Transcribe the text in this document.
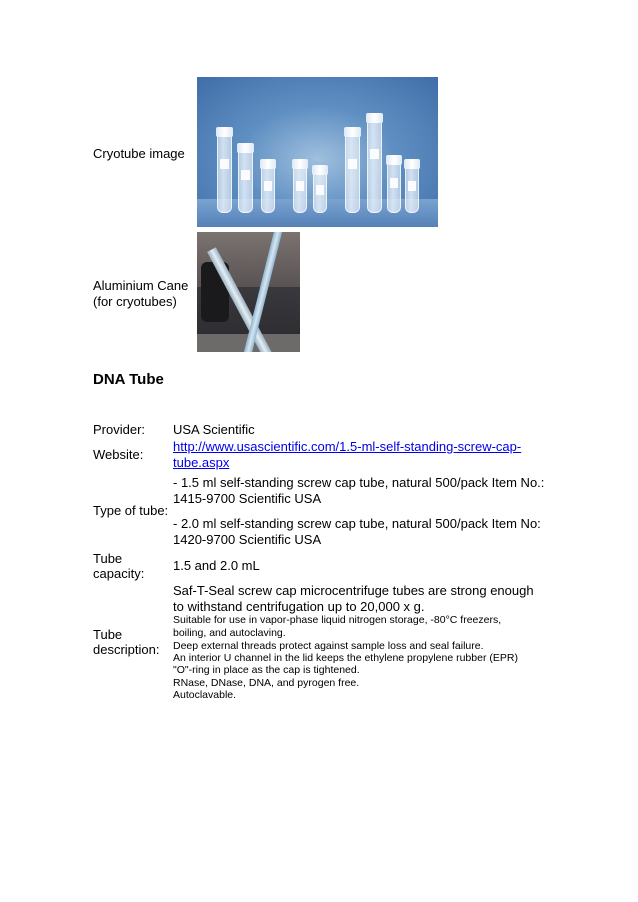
Cryotube image
Aluminium Cane
(for cryotubes)
DNA Tube
Provider: USA Scientific
Website:
http://www.usascientific.com/1.5-ml-self-standing-screw-cap-
tube.aspx
- 1.5 ml self-standing screw cap tube, natural 500/pack Item No.:
1415-9700 Scientific USA
Type of tube:
- 2.0 ml self-standing screw cap tube, natural 500/pack Item No:
1420-9700 Scientific USA
Tube
capacity:
1.5 and 2.0 mL
Saf-T-Seal screw cap microcentrifuge tubes are strong enough
to withstand centrifugation up to 20,000 x g.
Tube
description:
Suitable for use in vapor-phase liquid nitrogen storage, -80°C freezers,
boiling, and autoclaving.
Deep external threads protect against sample loss and seal failure.
An interior U channel in the lid keeps the ethylene propylene rubber (EPR)
"O"-ring in place as the cap is tightened.
RNase, DNase, DNA, and pyrogen free.
Autoclavable.
